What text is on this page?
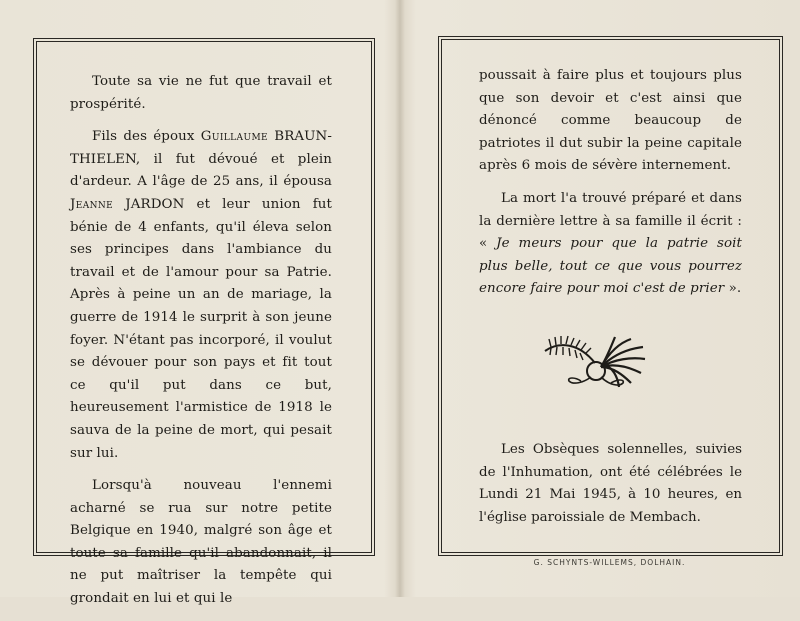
Toute sa vie ne fut que travail et prospérité.

Fils des époux Guillaume BRAUN-THIELEN, il fut dévoué et plein d'ardeur. A l'âge de 25 ans, il épousa Jeanne JARDON et leur union fut bénie de 4 enfants, qu'il éleva selon ses principes dans l'ambiance du travail et de l'amour pour sa Patrie. Après à peine un an de mariage, la guerre de 1914 le surprit à son jeune foyer. N'étant pas incorporé, il voulut se dévouer pour son pays et fit tout ce qu'il put dans ce but, heureusement l'armistice de 1918 le sauva de la peine de mort, qui pesait sur lui.

Lorsqu'à nouveau l'ennemi acharné se rua sur notre petite Belgique en 1940, malgré son âge et toute sa famille qu'il abandonnait, il ne put maîtriser la tempête qui grondait en lui et qui le

poussait à faire plus et toujours plus que son devoir et c'est ainsi que dénoncé comme beaucoup de patriotes il dut subir la peine capitale après 6 mois de sévère internement.

La mort l'a trouvé préparé et dans la dernière lettre à sa famille il écrit : « Je meurs pour que la patrie soit plus belle, tout ce que vous pourrez encore faire pour moi c'est de prier ».

Les Obsèques solennelles, suivies de l'Inhumation, ont été célébrées le Lundi 21 Mai 1945, à 10 heures, en l'église paroissiale de Membach.

G. SCHYNTS-WILLEMS, DOLHAIN.
